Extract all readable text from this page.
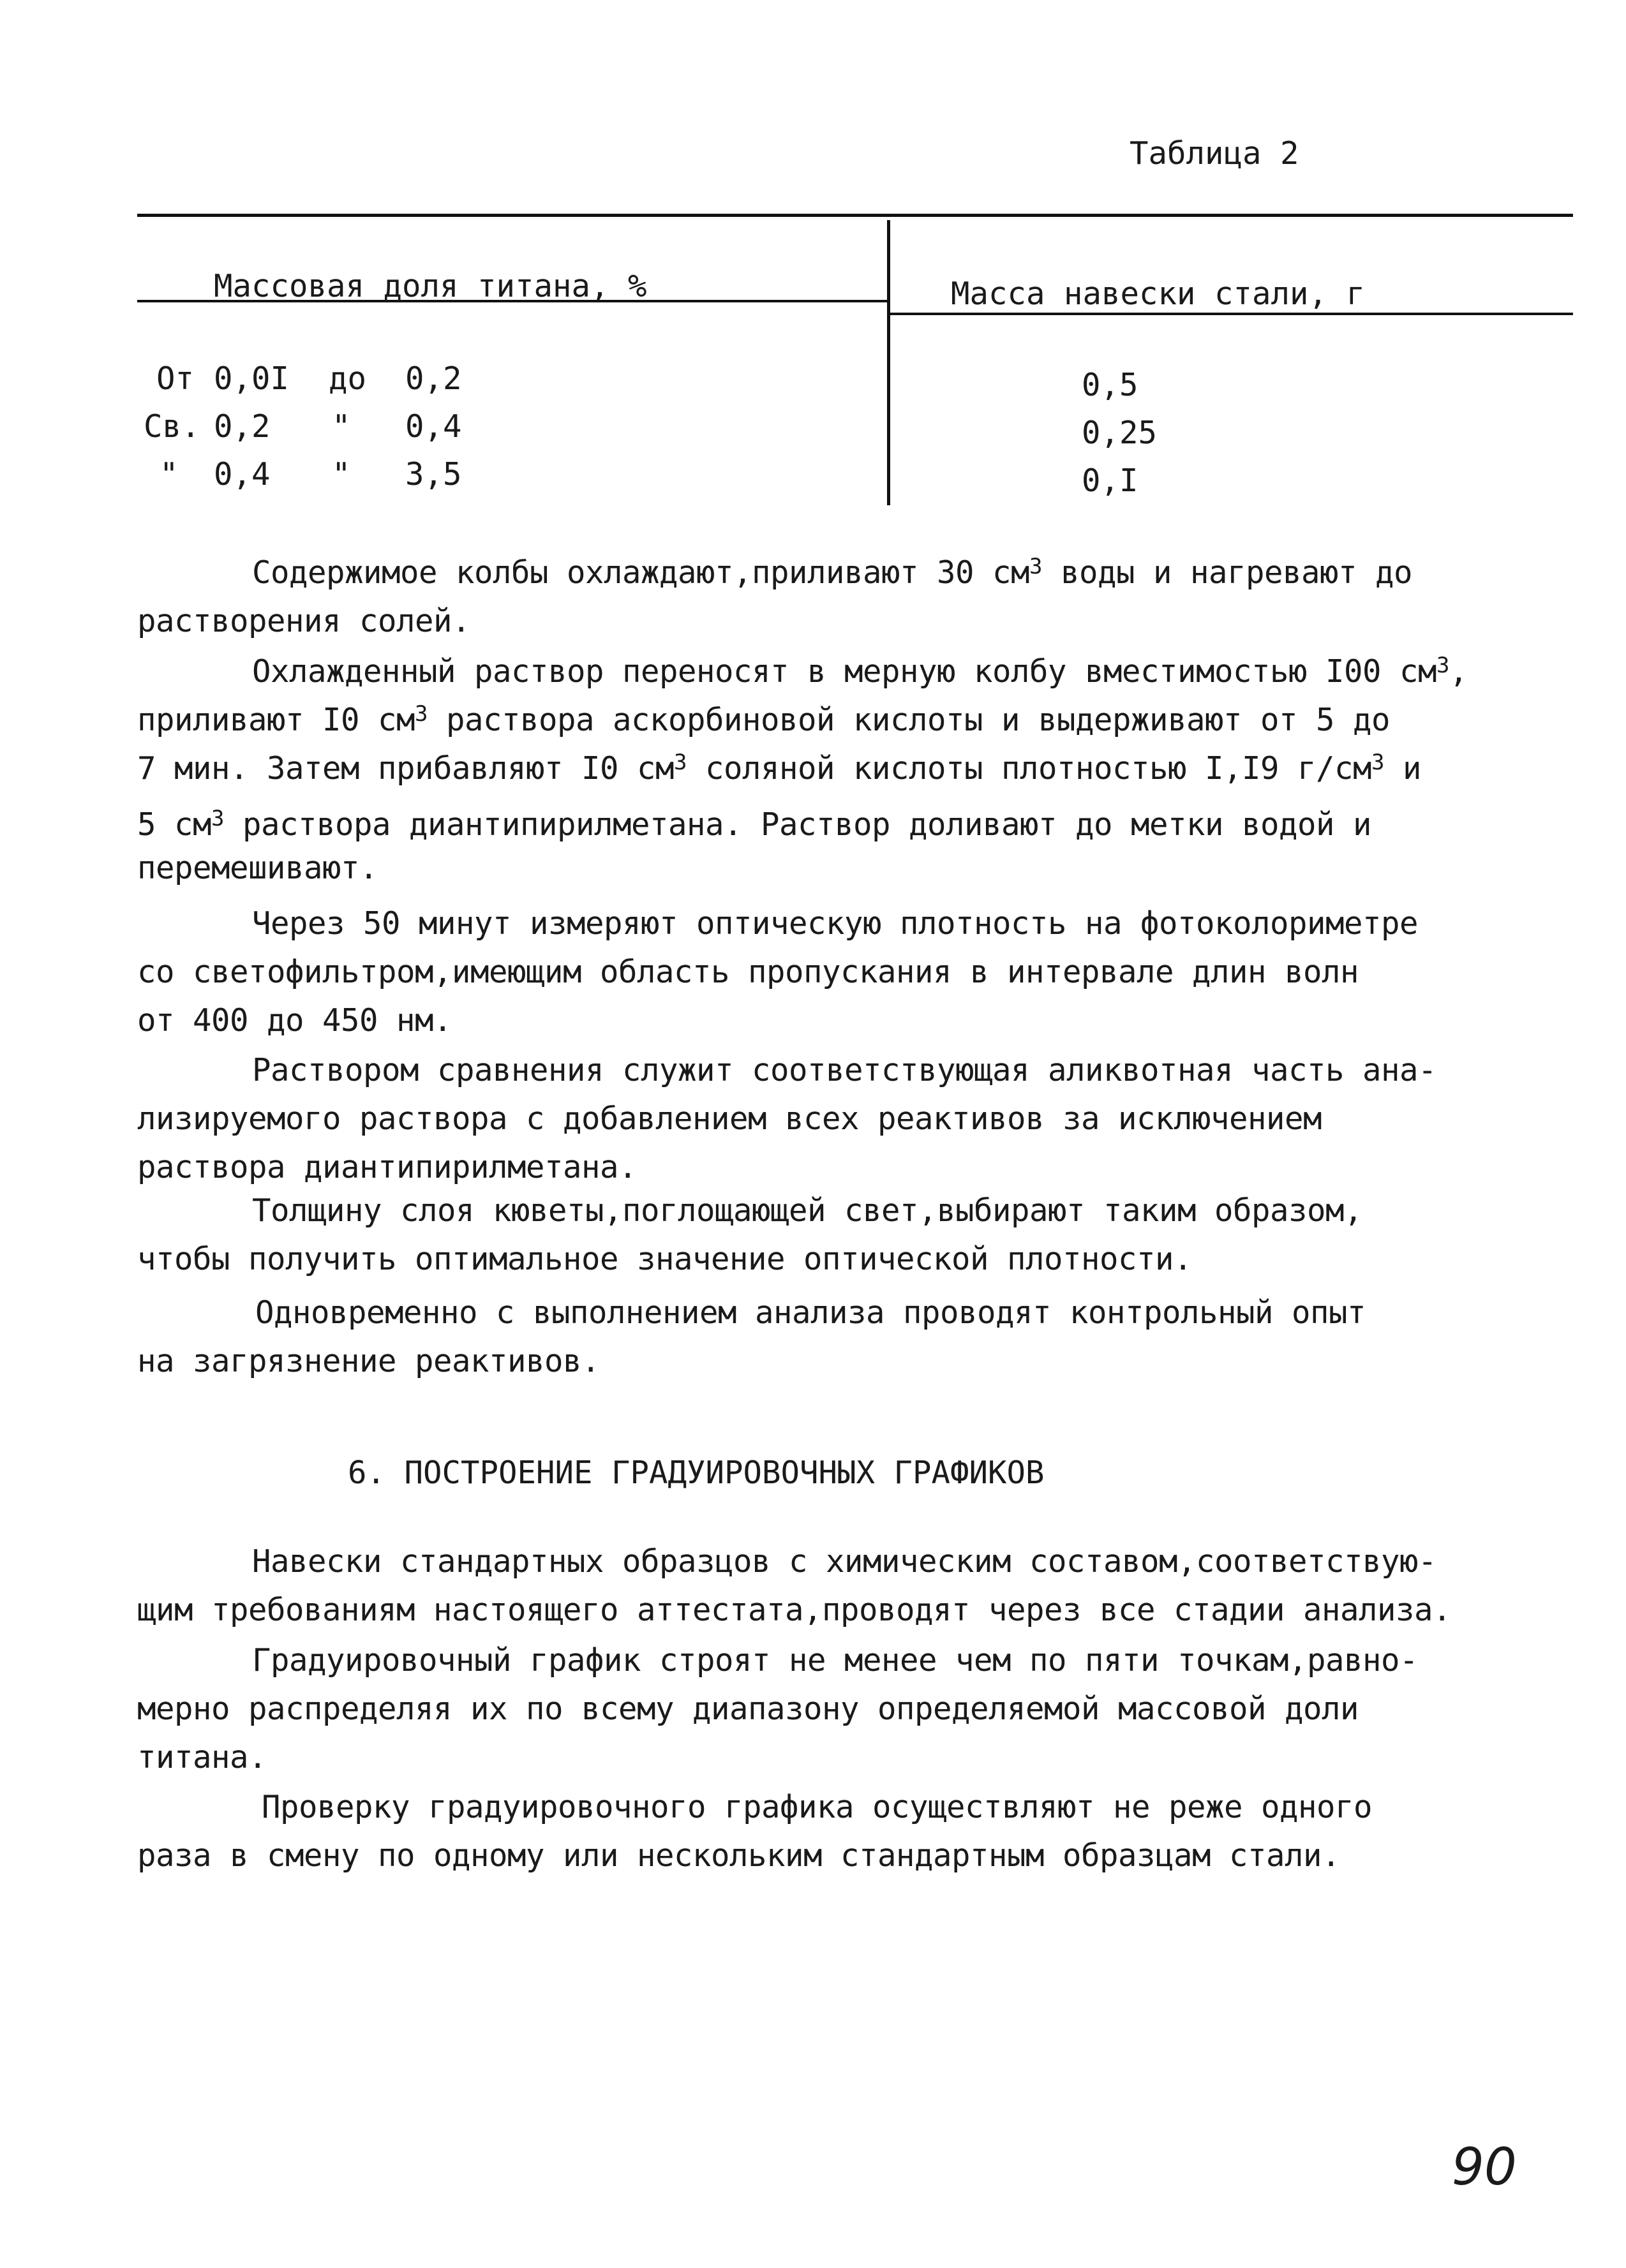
Таблица 2
Массовая доля титана, %	Масса навески стали, г
От 0,0I до 0,2	0,5
Св. 0,2 " 0,4	0,25
" 0,4 " 3,5	0,I
Содержимое колбы охлаждают,приливают 30 $см^3$ воды и нагревают до
растворения солей.
Охлажденный раствор переносят в мерную колбу вместимостью I00 $см^3$,
приливают I0 $см^3$ раствора аскорбиновой кислоты и выдерживают от 5 до
7 мин. Затем прибавляют I0 $см^3$ соляной кислоты плотностью I,I9 $г/см^3$ и
5 $см^3$ раствора диантипирилметана. Раствор доливают до метки водой и
перемешивают.
Через 50 минут измеряют оптическую плотность на фотоколориметре
со светофильтром,имеющим область пропускания в интервале длин волн
от 400 до 450 нм.
Раствором сравнения служит соответствующая аликвотная часть ана-
лизируемого раствора с добавлением всех реактивов за исключением
раствора диантипирилметана.
Толщину слоя кюветы,поглощающей свет,выбирают таким образом,
чтобы получить оптимальное значение оптической плотности.
Одновременно с выполнением анализа проводят контрольный опыт
на загрязнение реактивов.
6. ПОСТРОЕНИЕ ГРАДУИРОВОЧНЫХ ГРАФИКОВ
Навески стандартных образцов с химическим составом,соответствую-
щим требованиям настоящего аттестата,проводят через все стадии анализа.
Градуировочный график строят не менее чем по пяти точкам,равно-
мерно распределяя их по всему диапазону определяемой массовой доли
титана.
Проверку градуировочного графика осуществляют не реже одного
раза в смену по одному или нескольким стандартным образцам стали.
90
